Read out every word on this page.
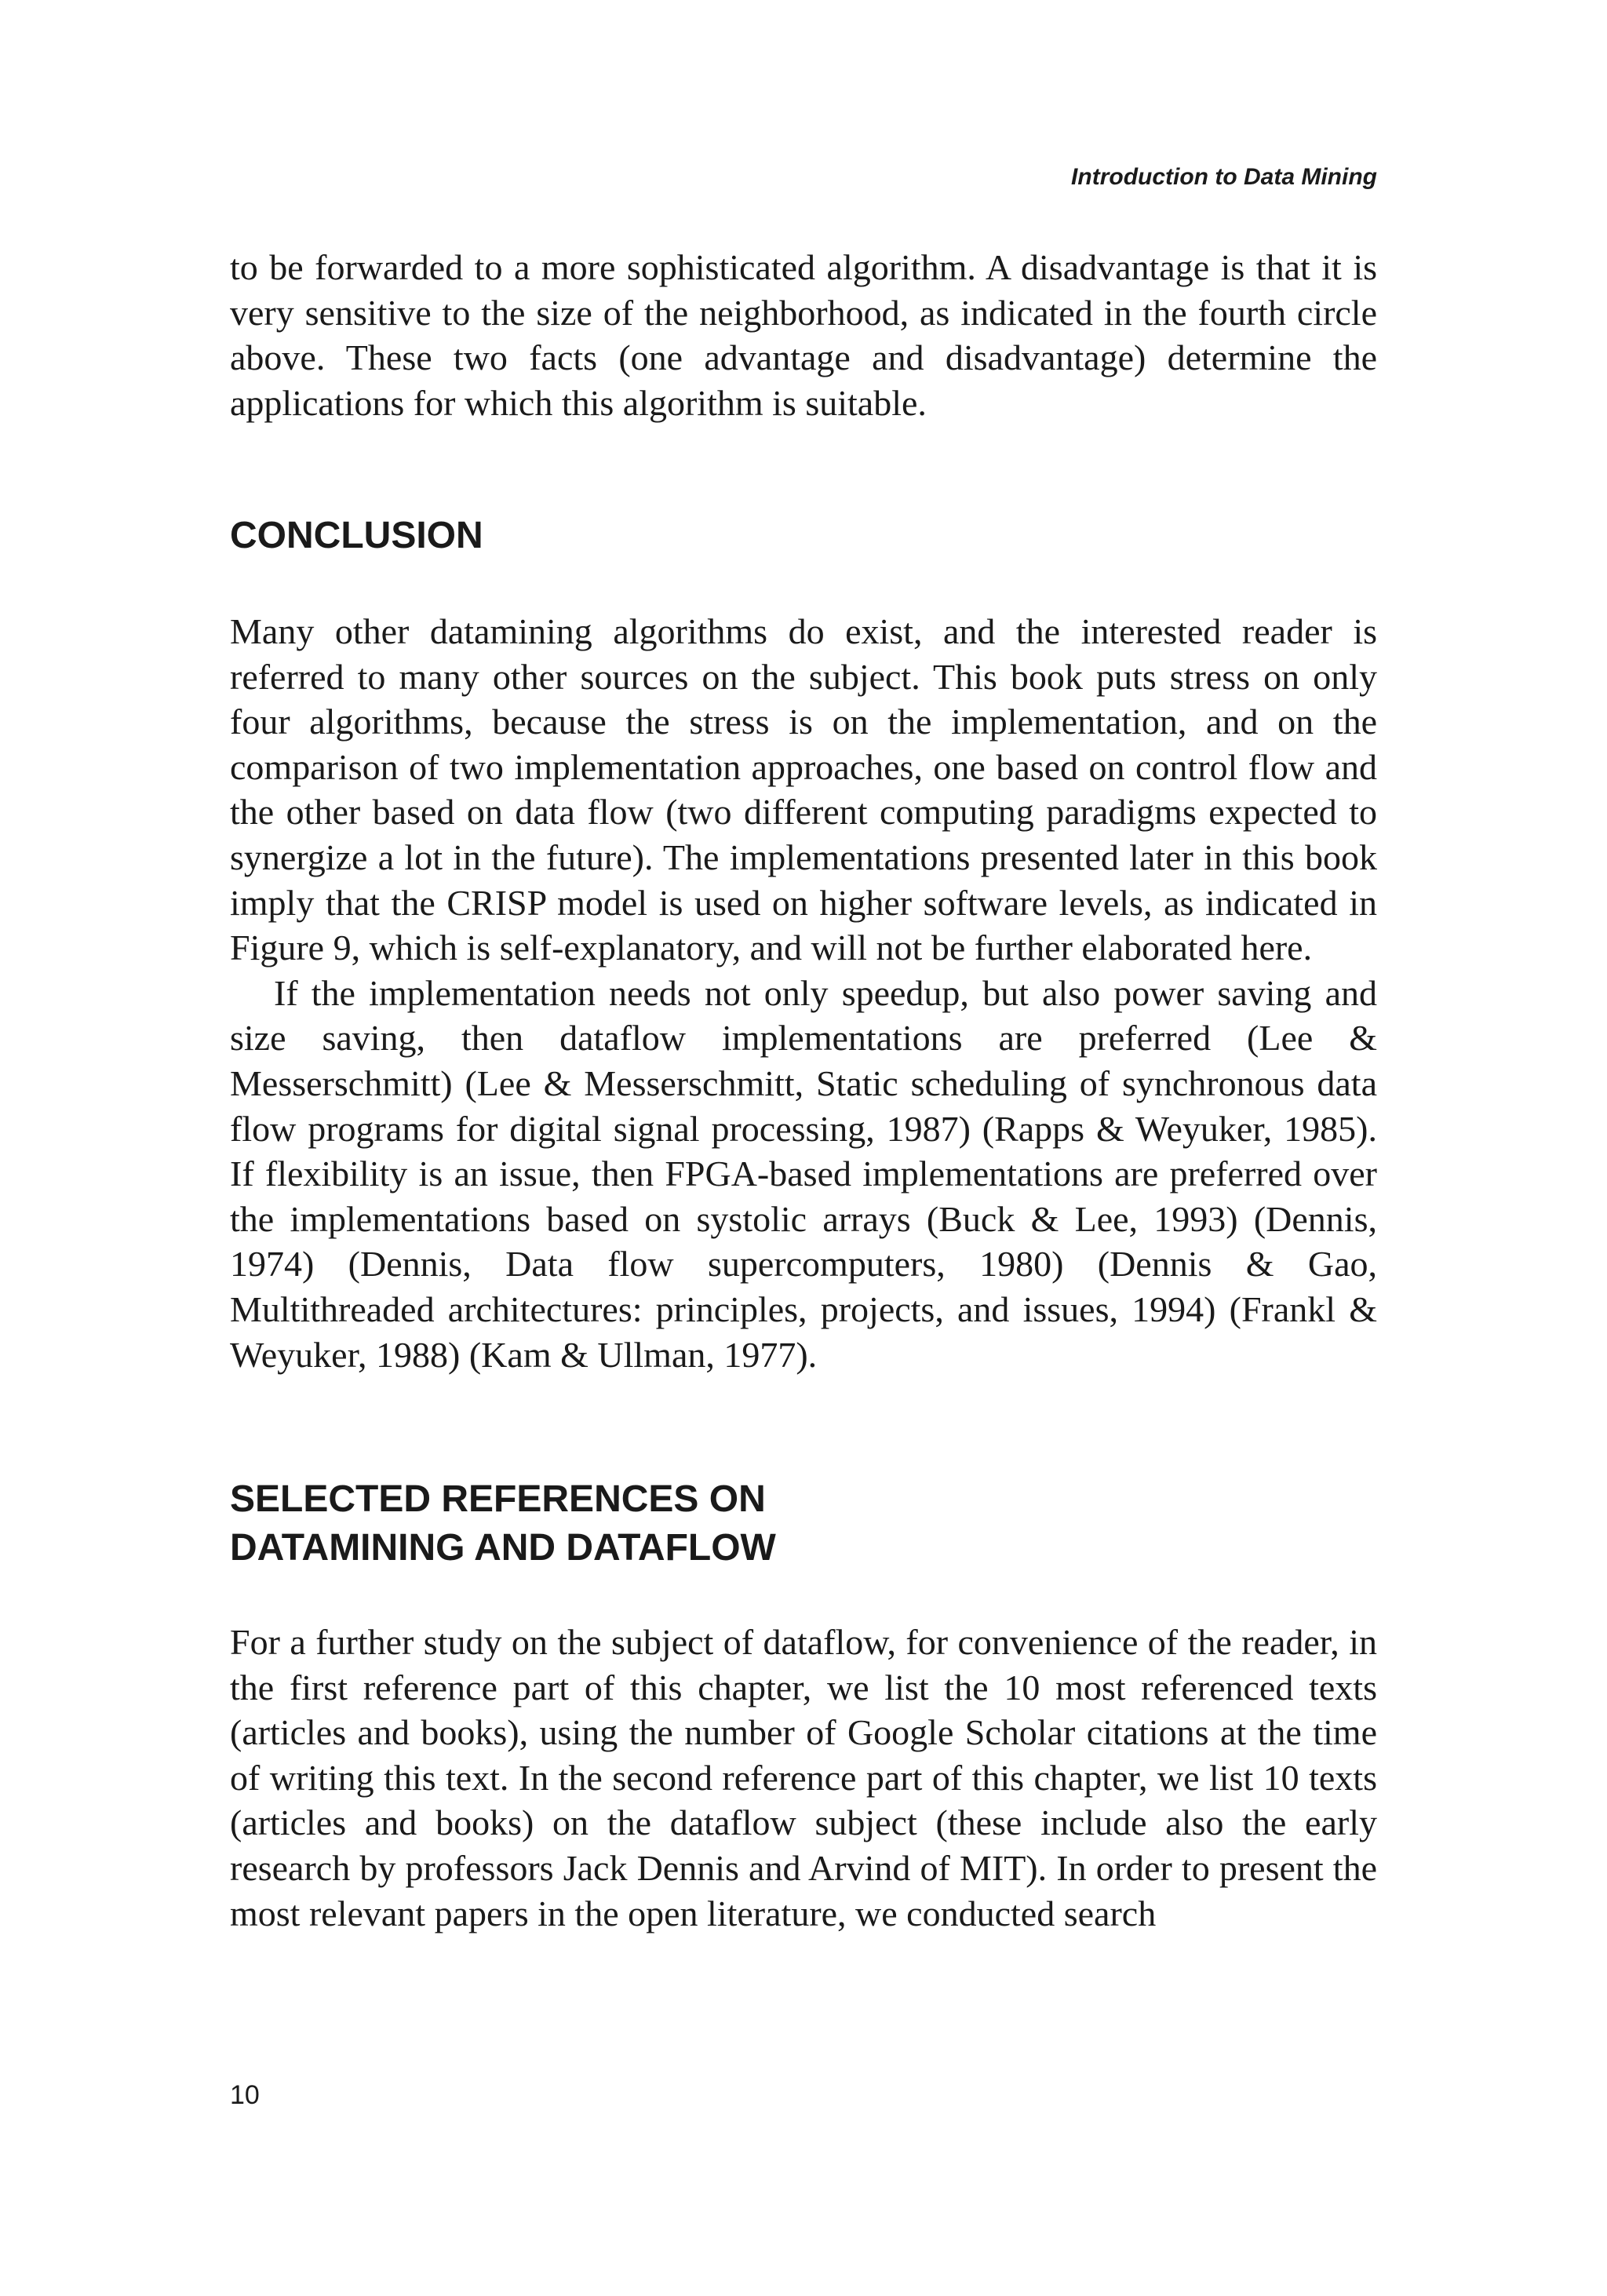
Introduction to Data Mining

to be forwarded to a more sophisticated algorithm. A disadvantage is that it is very sensitive to the size of the neighborhood, as indicated in the fourth circle above. These two facts (one advantage and disadvantage) determine the applications for which this algorithm is suitable.

CONCLUSION

Many other datamining algorithms do exist, and the interested reader is referred to many other sources on the subject. This book puts stress on only four algorithms, because the stress is on the implementation, and on the comparison of two implementation approaches, one based on control flow and the other based on data flow (two different computing paradigms expected to synergize a lot in the future). The implementations presented later in this book imply that the CRISP model is used on higher software levels, as indicated in Figure 9, which is self-explanatory, and will not be further elaborated here.

If the implementation needs not only speedup, but also power saving and size saving, then dataflow implementations are preferred (Lee & Messerschmitt) (Lee & Messerschmitt, Static scheduling of synchronous data flow programs for digital signal processing, 1987) (Rapps & Weyuker, 1985). If flexibility is an issue, then FPGA-based implementations are preferred over the implementations based on systolic arrays (Buck & Lee, 1993) (Dennis, 1974) (Dennis, Data flow supercomputers, 1980) (Dennis & Gao, Multithreaded architectures: principles, projects, and issues, 1994) (Frankl & Weyuker, 1988) (Kam & Ullman, 1977).

SELECTED REFERENCES ON
DATAMINING AND DATAFLOW

For a further study on the subject of dataflow, for convenience of the reader, in the first reference part of this chapter, we list the 10 most referenced texts (articles and books), using the number of Google Scholar citations at the time of writing this text. In the second reference part of this chapter, we list 10 texts (articles and books) on the dataflow subject (these include also the early research by professors Jack Dennis and Arvind of MIT). In order to present the most relevant papers in the open literature, we conducted search

10
